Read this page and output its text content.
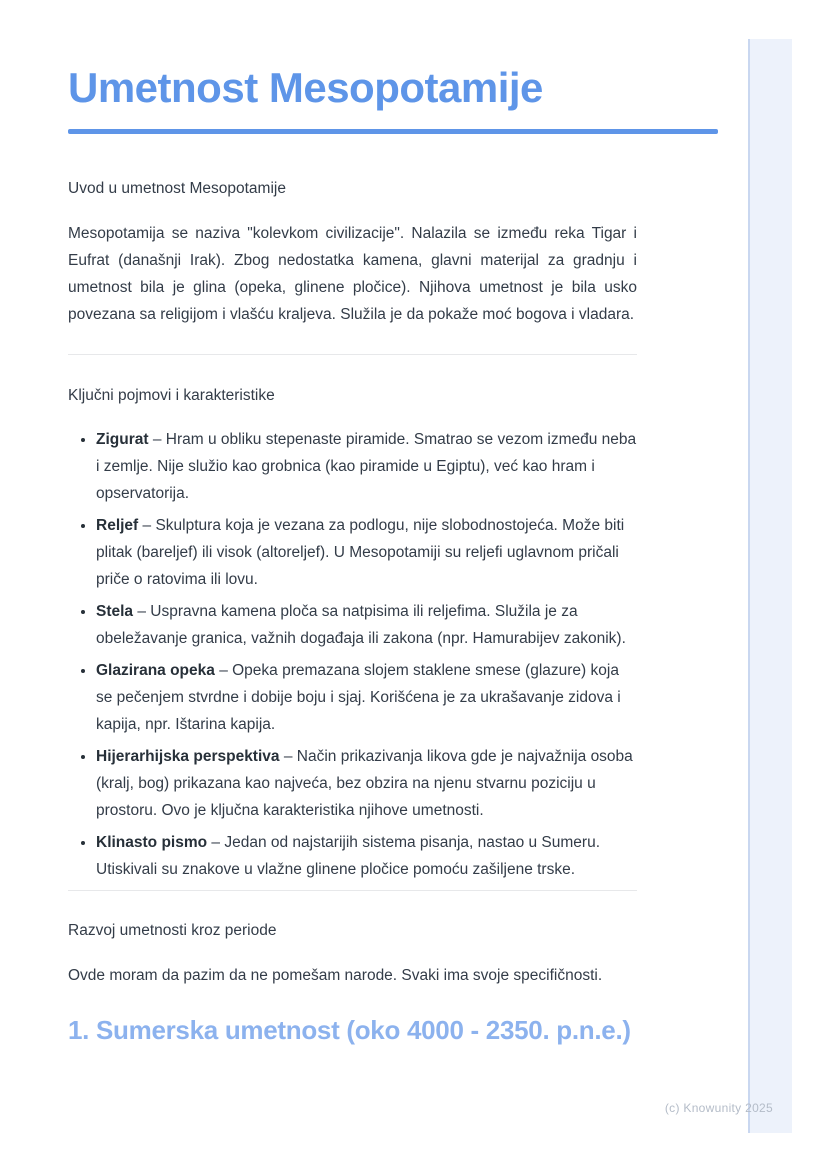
Umetnost Mesopotamije
Uvod u umetnost Mesopotamije

Mesopotamija se naziva "kolevkom civilizacije". Nalazila se između reka Tigar i Eufrat (današnji Irak). Zbog nedostatka kamena, glavni materijal za gradnju i umetnost bila je glina (opeka, glinene pločice). Njihova umetnost je bila usko povezana sa religijom i vlašću kraljeva. Služila je da pokaže moć bogova i vladara.

Ključni pojmovi i karakteristike
• Zigurat – Hram u obliku stepenaste piramide. Smatrao se vezom između neba i zemlje. Nije služio kao grobnica (kao piramide u Egiptu), već kao hram i opservatorija.
• Reljef – Skulptura koja je vezana za podlogu, nije slobodnostojeća. Može biti plitak (bareljef) ili visok (altoreljef). U Mesopotamiji su reljefi uglavnom pričali priče o ratovima ili lovu.
• Stela – Uspravna kamena ploča sa natpisima ili reljefima. Služila je za obeležavanje granica, važnih događaja ili zakona (npr. Hamurabijev zakonik).
• Glazirana opeka – Opeka premazana slojem staklene smese (glazure) koja se pečenjem stvrdne i dobije boju i sjaj. Korišćena je za ukrašavanje zidova i kapija, npr. Ištarina kapija.
• Hijerarhijska perspektiva – Način prikazivanja likova gde je najvažnija osoba (kralj, bog) prikazana kao najveća, bez obzira na njenu stvarnu poziciju u prostoru. Ovo je ključna karakteristika njihove umetnosti.
• Klinasto pismo – Jedan od najstarijih sistema pisanja, nastao u Sumeru. Utiskivali su znakove u vlažne glinene pločice pomoću zašiljene trske.
Razvoj umetnosti kroz periode

Ovde moram da pazim da ne pomešam narode. Svaki ima svoje specifičnosti.

1. Sumerska umetnost (oko 4000 - 2350. p.n.e.)
(c) Knowunity 2025
